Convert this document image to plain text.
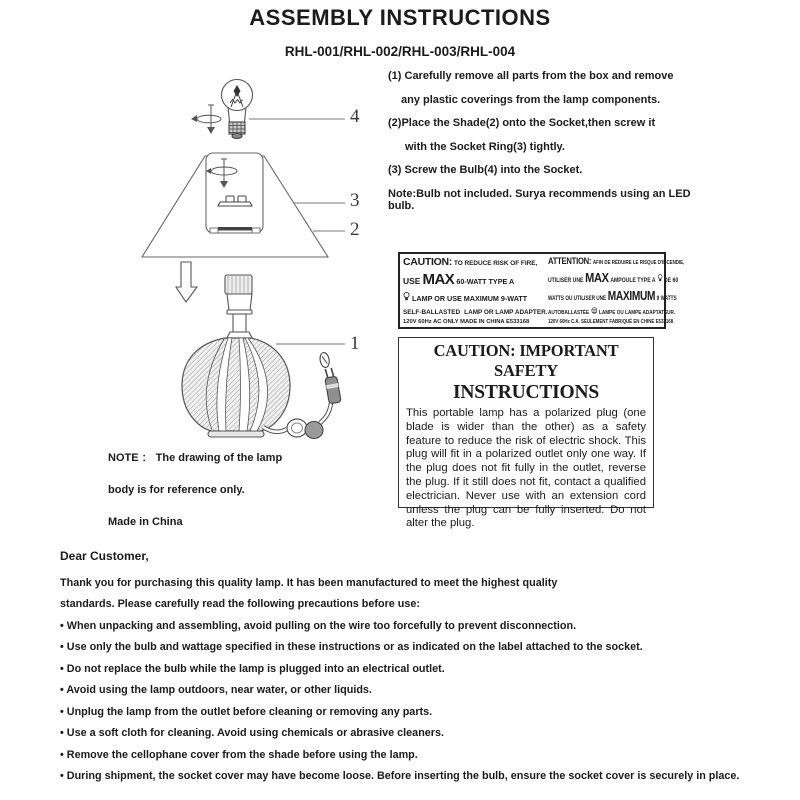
ASSEMBLY INSTRUCTIONS
RHL-001/RHL-002/RHL-003/RHL-004
4
3
2
1
(1) Carefully remove all parts from the box and remove
any plastic coverings from the lamp components.
(2)Place the Shade(2) onto the Socket,then screw it
with the Socket Ring(3) tightly.
(3) Screw the Bulb(4) into the Socket.
Note:Bulb not included. Surya recommends using an LED
bulb.
CAUTION: TO REDUCE RISK OF FIRE,
USE MAX 60-WATT TYPE A
LAMP OR USE MAXIMUM 9-WATT
SELF-BALLASTED LAMP OR LAMP ADAPTER.
120V 60Hz AC ONLY MADE IN CHINA E533168
ATTENTION: AFIN DE RÉDUIRE LE RISQUE D'INCENDIE,
UTILISER UNE MAX AMPOULE TYPE A DE 60
WATTS OU UTILISER UNE MAXIMUM 9 WATTS
AUTOBALLASTÉE LAMPE OU LAMPE ADAPTATEUR.
120V 60Hz C.A. SEULEMENT FABRIQUÉ EN CHINE E533168
CAUTION: IMPORTANT SAFETY
INSTRUCTIONS
This portable lamp has a polarized plug (one blade is wider than the other) as a safety feature to reduce the risk of electric shock. This plug will fit in a polarized outlet only one way. If the plug does not fit fully in the outlet, reverse the plug. If it still does not fit, contact a qualified electrician. Never use with an extension cord unless the plug can be fully inserted. Do not alter the plug.
NOTE ： The drawing of the lamp
body is for reference only.
Made in China
Dear Customer,
Thank you for purchasing this quality lamp. It has been manufactured to meet the highest quality
standards. Please carefully read the following precautions before use:
• When unpacking and assembling, avoid pulling on the wire too forcefully to prevent disconnection.
• Use only the bulb and wattage specified in these instructions or as indicated on the label attached to the socket.
• Do not replace the bulb while the lamp is plugged into an electrical outlet.
• Avoid using the lamp outdoors, near water, or other liquids.
• Unplug the lamp from the outlet before cleaning or removing any parts.
• Use a soft cloth for cleaning. Avoid using chemicals or abrasive cleaners.
• Remove the cellophane cover from the shade before using the lamp.
• During shipment, the socket cover may have become loose. Before inserting the bulb, ensure the socket cover is securely in place.
